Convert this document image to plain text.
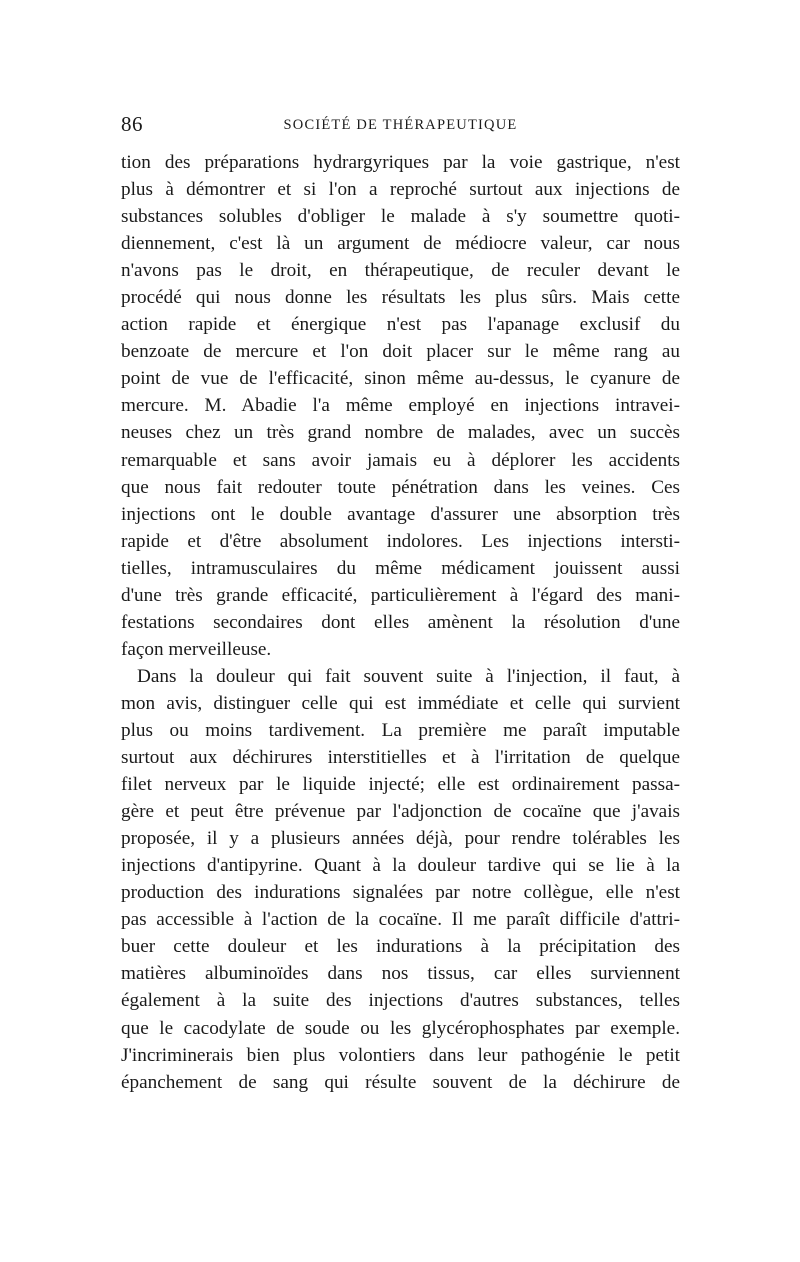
86	SOCIÉTÉ DE THÉRAPEUTIQUE
tion des préparations hydrargyriques par la voie gastrique, n'est
plus à démontrer et si l'on a reproché surtout aux injections de
substances solubles d'obliger le malade à s'y soumettre quoti-
diennement, c'est là un argument de médiocre valeur, car nous
n'avons pas le droit, en thérapeutique, de reculer devant le
procédé qui nous donne les résultats les plus sûrs. Mais cette
action rapide et énergique n'est pas l'apanage exclusif du
benzoate de mercure et l'on doit placer sur le même rang au
point de vue de l'efficacité, sinon même au-dessus, le cyanure de
mercure. M. Abadie l'a même employé en injections intravei-
neuses chez un très grand nombre de malades, avec un succès
remarquable et sans avoir jamais eu à déplorer les accidents
que nous fait redouter toute pénétration dans les veines. Ces
injections ont le double avantage d'assurer une absorption très
rapide et d'être absolument indolores. Les injections intersti-
tielles, intramusculaires du même médicament jouissent aussi
d'une très grande efficacité, particulièrement à l'égard des mani-
festations secondaires dont elles amènent la résolution d'une
façon merveilleuse.
Dans la douleur qui fait souvent suite à l'injection, il faut, à
mon avis, distinguer celle qui est immédiate et celle qui survient
plus ou moins tardivement. La première me paraît imputable
surtout aux déchirures interstitielles et à l'irritation de quelque
filet nerveux par le liquide injecté; elle est ordinairement passa-
gère et peut être prévenue par l'adjonction de cocaïne que j'avais
proposée, il y a plusieurs années déjà, pour rendre tolérables les
injections d'antipyrine. Quant à la douleur tardive qui se lie à la
production des indurations signalées par notre collègue, elle n'est
pas accessible à l'action de la cocaïne. Il me paraît difficile d'attri-
buer cette douleur et les indurations à la précipitation des
matières albuminoïdes dans nos tissus, car elles surviennent
également à la suite des injections d'autres substances, telles
que le cacodylate de soude ou les glycérophosphates par exemple.
J'incriminerais bien plus volontiers dans leur pathogénie le petit
épanchement de sang qui résulte souvent de la déchirure de
